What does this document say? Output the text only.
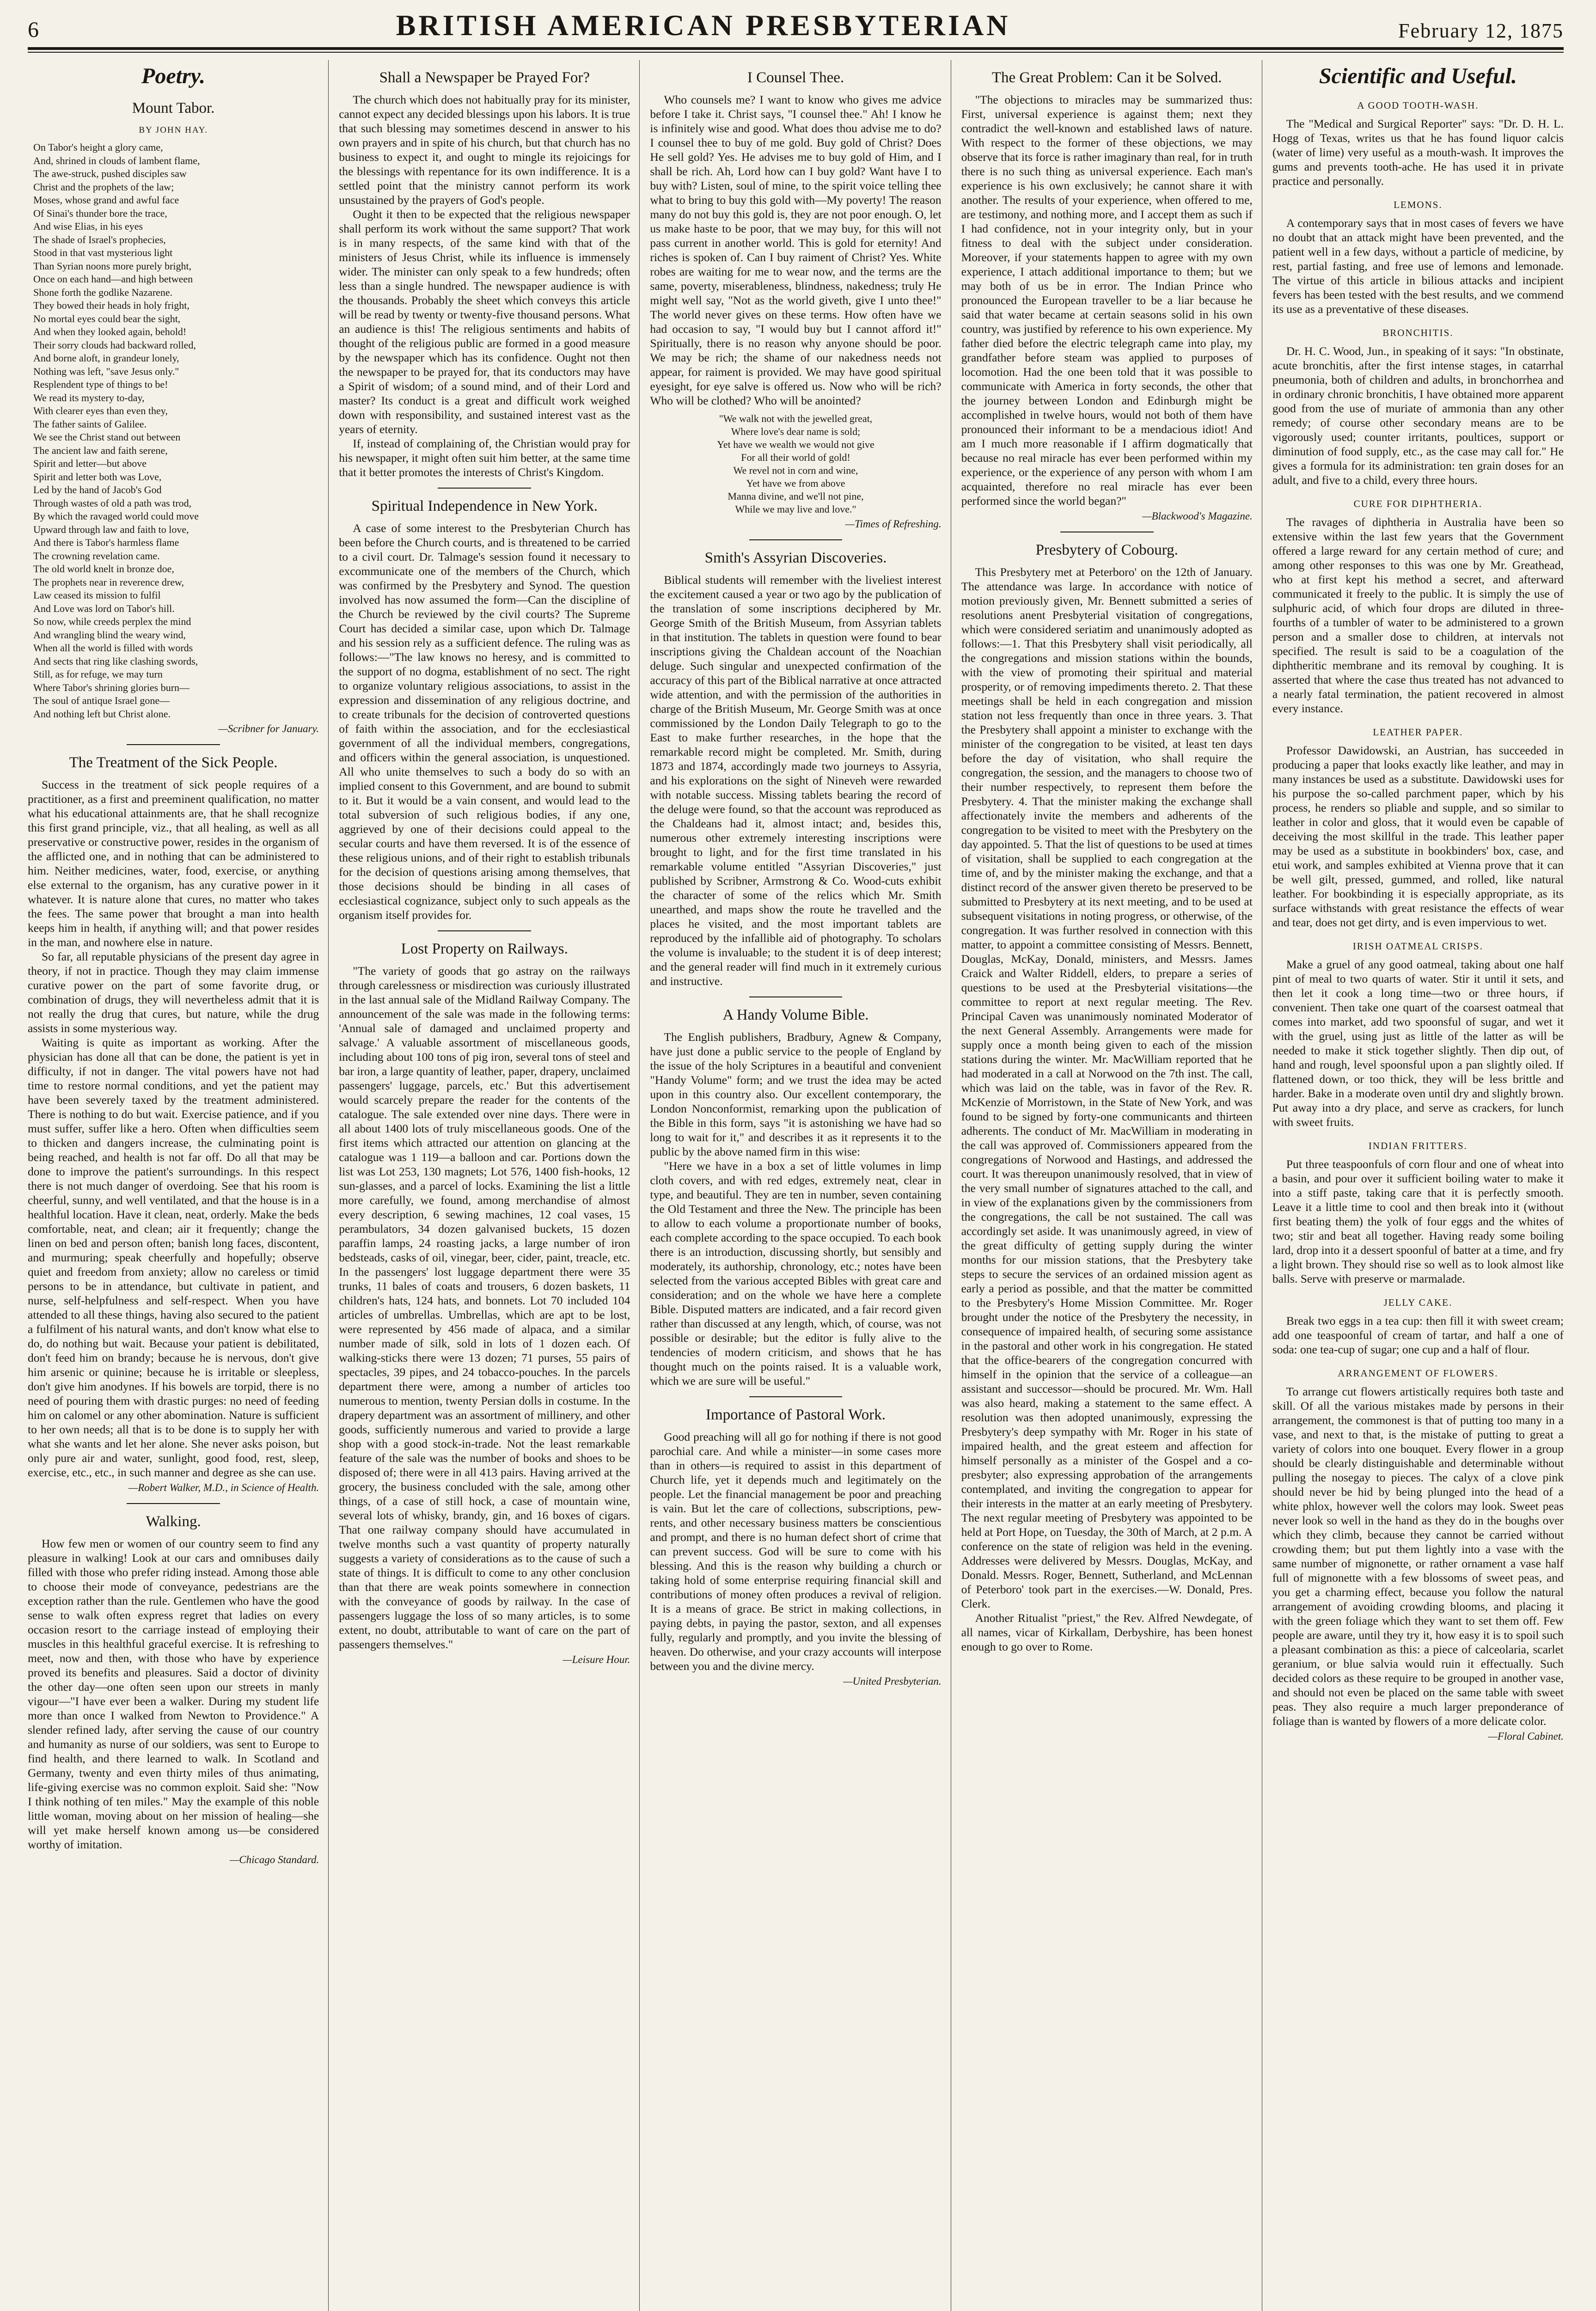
6	BRITISH AMERICAN PRESBYTERIAN	February 12, 1875
Poetry.
Mount Tabor.
BY JOHN HAY.

On Tabor's height a glory came,

And, shrined in clouds of lambent flame,

The awe-struck, pushed disciples saw

Christ and the prophets of the law;

Moses, whose grand and awful face

Of Sinai's thunder bore the trace,

And wise Elias, in his eyes

The shade of Israel's prophecies,

Stood in that vast mysterious light

Than Syrian noons more purely bright,

Once on each hand—and high between

Shone forth the godlike Nazarene.

They bowed their heads in holy fright,

No mortal eyes could bear the sight,

And when they looked again, behold!

Their sorry clouds had backward rolled,

And borne aloft, in grandeur lonely,

Nothing was left, "save Jesus only."

Resplendent type of things to be!

We read its mystery to-day,

With clearer eyes than even they,

The father saints of Galilee.

We see the Christ stand out between

The ancient law and faith serene,

Spirit and letter—but above

Spirit and letter both was Love,

Led by the hand of Jacob's God

Through wastes of old a path was trod,

By which the ravaged world could move

Upward through law and faith to love,

And there is Tabor's harmless flame

The crowning revelation came.

The old world knelt in bronze doe,

The prophets near in reverence drew,

Law ceased its mission to fulfil

And Love was lord on Tabor's hill.

So now, while creeds perplex the mind

And wrangling blind the weary wind,

When all the world is filled with words

And sects that ring like clashing swords,

Still, as for refuge, we may turn

Where Tabor's shrining glories burn—

The soul of antique Israel gone—

And nothing left but Christ alone.

—Scribner for January.
The Treatment of the Sick People.

Success in the treatment of sick people requires of a practitioner, as a first and preeminent qualification, no matter what his educational attainments are, that he shall recognize this first grand principle, viz., that all healing, as well as all preservative or constructive power, resides in the organism of the afflicted one, and in nothing that can be administered to him. Neither medicines, water, food, exercise, or anything else external to the organism, has any curative power in it whatever. It is nature alone that cures, no matter who takes the fees. The same power that brought a man into health keeps him in health, if anything will; and that power resides in the man, and nowhere else in nature.

So far, all reputable physicians of the present day agree in theory, if not in practice. Though they may claim immense curative power on the part of some favorite drug, or combination of drugs, they will nevertheless admit that it is not really the drug that cures, but nature, while the drug assists in some mysterious way.

Waiting is quite as important as working. After the physician has done all that can be done, the patient is yet in difficulty, if not in danger. The vital powers have not had time to restore normal conditions, and yet the patient may have been severely taxed by the treatment administered. There is nothing to do but wait. Exercise patience, and if you must suffer, suffer like a hero. Often when difficulties seem to thicken and dangers increase, the culminating point is being reached, and health is not far off. Do all that may be done to improve the patient's surroundings. In this respect there is not much danger of overdoing. See that his room is cheerful, sunny, and well ventilated, and that the house is in a healthful location. Have it clean, neat, orderly. Make the beds comfortable, neat, and clean; air it frequently; change the linen on bed and person often; banish long faces, discontent, and murmuring; speak cheerfully and hopefully; observe quiet and freedom from anxiety; allow no careless or timid persons to be in attendance, but cultivate in patient, and nurse, self-helpfulness and self-respect. When you have attended to all these things, having also secured to the patient a fulfilment of his natural wants, and don't know what else to do, do nothing but wait. Because your patient is debilitated, don't feed him on brandy; because he is nervous, don't give him arsenic or quinine; because he is irritable or sleepless, don't give him anodynes. If his bowels are torpid, there is no need of pouring them with drastic purges: no need of feeding him on calomel or any other abomination. Nature is sufficient to her own needs; all that is to be done is to supply her with what she wants and let her alone. She never asks poison, but only pure air and water, sunlight, good food, rest, sleep, exercise, etc., etc., in such manner and degree as she can use.

—Robert Walker, M.D., in Science of Health.
Walking.

How few men or women of our country seem to find any pleasure in walking! Look at our cars and omnibuses daily filled with those who prefer riding instead. Among those able to choose their mode of conveyance, pedestrians are the exception rather than the rule. Gentlemen who have the good sense to walk often express regret that ladies on every occasion resort to the carriage instead of employing their muscles in this healthful graceful exercise. It is refreshing to meet, now and then, with those who have by experience proved its benefits and pleasures. Said a doctor of divinity the other day—one often seen upon our streets in manly vigour—"I have ever been a walker. During my student life more than once I walked from Newton to Providence." A slender refined lady, after serving the cause of our country and humanity as nurse of our soldiers, was sent to Europe to find health, and there learned to walk. In Scotland and Germany, twenty and even thirty miles of thus animating, life-giving exercise was no common exploit. Said she: "Now I think nothing of ten miles." May the example of this noble little woman, moving about on her mission of healing—she will yet make herself known among us—be considered worthy of imitation.

—Chicago Standard.
Shall a Newspaper be Prayed For?

The church which does not habitually pray for its minister, cannot expect any decided blessings upon his labors. It is true that such blessing may sometimes descend in answer to his own prayers and in spite of his church, but that church has no business to expect it, and ought to mingle its rejoicings for the blessings with repentance for its own indifference. It is a settled point that the ministry cannot perform its work unsustained by the prayers of God's people.

Ought it then to be expected that the religious newspaper shall perform its work without the same support? That work is in many respects, of the same kind with that of the ministers of Jesus Christ, while its influence is immensely wider. The minister can only speak to a few hundreds; often less than a single hundred. The newspaper audience is with the thousands. Probably the sheet which conveys this article will be read by twenty or twenty-five thousand persons. What an audience is this! The religious sentiments and habits of thought of the religious public are formed in a good measure by the newspaper which has its confidence. Ought not then the newspaper to be prayed for, that its conductors may have a Spirit of wisdom; of a sound mind, and of their Lord and master? Its conduct is a great and difficult work weighed down with responsibility, and sustained interest vast as the years of eternity.

If, instead of complaining of, the Christian would pray for his newspaper, it might often suit him better, at the same time that it better promotes the interests of Christ's Kingdom.

Spiritual Independence in New York.

A case of some interest to the Presbyterian Church has been before the Church courts, and is threatened to be carried to a civil court. Dr. Talmage's session found it necessary to excommunicate one of the members of the Church, which was confirmed by the Presbytery and Synod. The question involved has now assumed the form—Can the discipline of the Church be reviewed by the civil courts? The Supreme Court has decided a similar case, upon which Dr. Talmage and his session rely as a sufficient defence. The ruling was as follows:—"The law knows no heresy, and is committed to the support of no dogma, establishment of no sect. The right to organize voluntary religious associations, to assist in the expression and dissemination of any religious doctrine, and to create tribunals for the decision of controverted questions of faith within the association, and for the ecclesiastical government of all the individual members, congregations, and officers within the general association, is unquestioned. All who unite themselves to such a body do so with an implied consent to this Government, and are bound to submit to it. But it would be a vain consent, and would lead to the total subversion of such religious bodies, if any one, aggrieved by one of their decisions could appeal to the secular courts and have them reversed. It is of the essence of these religious unions, and of their right to establish tribunals for the decision of questions arising among themselves, that those decisions should be binding in all cases of ecclesiastical cognizance, subject only to such appeals as the organism itself provides for.

Lost Property on Railways.

"The variety of goods that go astray on the railways through carelessness or misdirection was curiously illustrated in the last annual sale of the Midland Railway Company. The announcement of the sale was made in the following terms: 'Annual sale of damaged and unclaimed property and salvage.' A valuable assortment of miscellaneous goods, including about 100 tons of pig iron, several tons of steel and bar iron, a large quantity of leather, paper, drapery, unclaimed passengers' luggage, parcels, etc.' But this advertisement would scarcely prepare the reader for the contents of the catalogue. The sale extended over nine days. There were in all about 1400 lots of truly miscellaneous goods. One of the first items which attracted our attention on glancing at the catalogue was 1 119—a balloon and car. Portions down the list was Lot 253, 130 magnets; Lot 576, 1400 fish-hooks, 12 sun-glasses, and a parcel of locks. Examining the list a little more carefully, we found, among merchandise of almost every description, 6 sewing machines, 12 coal vases, 15 perambulators, 34 dozen galvanised buckets, 15 dozen paraffin lamps, 24 roasting jacks, a large number of iron bedsteads, casks of oil, vinegar, beer, cider, paint, treacle, etc. In the passengers' lost luggage department there were 35 trunks, 11 bales of coats and trousers, 6 dozen baskets, 11 children's hats, 124 hats, and bonnets. Lot 70 included 104 articles of umbrellas. Umbrellas, which are apt to be lost, were represented by 456 made of alpaca, and a similar number made of silk, sold in lots of 1 dozen each. Of walking-sticks there were 13 dozen; 71 purses, 55 pairs of spectacles, 39 pipes, and 24 tobacco-pouches. In the parcels department there were, among a number of articles too numerous to mention, twenty Persian dolls in costume. In the drapery department was an assortment of millinery, and other goods, sufficiently numerous and varied to provide a large shop with a good stock-in-trade. Not the least remarkable feature of the sale was the number of books and shoes to be disposed of; there were in all 413 pairs. Having arrived at the grocery, the business concluded with the sale, among other things, of a case of still hock, a case of mountain wine, several lots of whisky, brandy, gin, and 16 boxes of cigars. That one railway company should have accumulated in twelve months such a vast quantity of property naturally suggests a variety of considerations as to the cause of such a state of things. It is difficult to come to any other conclusion than that there are weak points somewhere in connection with the conveyance of goods by railway. In the case of passengers luggage the loss of so many articles, is to some extent, no doubt, attributable to want of care on the part of passengers themselves."

—Leisure Hour.
I Counsel Thee.

Who counsels me? I want to know who gives me advice before I take it. Christ says, "I counsel thee." Ah! I know he is infinitely wise and good. What does thou advise me to do? I counsel thee to buy of me gold. Buy gold of Christ? Does He sell gold? Yes. He advises me to buy gold of Him, and I shall be rich. Ah, Lord how can I buy gold? Want have I to buy with? Listen, soul of mine, to the spirit voice telling thee what to bring to buy this gold with—My poverty! The reason many do not buy this gold is, they are not poor enough. O, let us make haste to be poor, that we may buy, for this will not pass current in another world. This is gold for eternity! And riches is spoken of. Can I buy raiment of Christ? Yes. White robes are waiting for me to wear now, and the terms are the same, poverty, miserableness, blindness, nakedness; truly He might well say, "Not as the world giveth, give I unto thee!" The world never gives on these terms. How often have we had occasion to say, "I would buy but I cannot afford it!" Spiritually, there is no reason why anyone should be poor. We may be rich; the shame of our nakedness needs not appear, for raiment is provided. We may have good spiritual eyesight, for eye salve is offered us. Now who will be rich? Who will be clothed? Who will be anointed?

"We walk not with the jewelled great,

Where love's dear name is sold;

Yet have we wealth we would not give

For all their world of gold!

We revel not in corn and wine,

Yet have we from above

Manna divine, and we'll not pine,

While we may live and love."

—Times of Refreshing.
Smith's Assyrian Discoveries.

Biblical students will remember with the liveliest interest the excitement caused a year or two ago by the publication of the translation of some inscriptions deciphered by Mr. George Smith of the British Museum, from Assyrian tablets in that institution. The tablets in question were found to bear inscriptions giving the Chaldean account of the Noachian deluge. Such singular and unexpected confirmation of the accuracy of this part of the Biblical narrative at once attracted wide attention, and with the permission of the authorities in charge of the British Museum, Mr. George Smith was at once commissioned by the London Daily Telegraph to go to the East to make further researches, in the hope that the remarkable record might be completed. Mr. Smith, during 1873 and 1874, accordingly made two journeys to Assyria, and his explorations on the sight of Nineveh were rewarded with notable success. Missing tablets bearing the record of the deluge were found, so that the account was reproduced as the Chaldeans had it, almost intact; and, besides this, numerous other extremely interesting inscriptions were brought to light, and for the first time translated in his remarkable volume entitled "Assyrian Discoveries," just published by Scribner, Armstrong & Co. Wood-cuts exhibit the character of some of the relics which Mr. Smith unearthed, and maps show the route he travelled and the places he visited, and the most important tablets are reproduced by the infallible aid of photography. To scholars the volume is invaluable; to the student it is of deep interest; and the general reader will find much in it extremely curious and instructive.

A Handy Volume Bible.

The English publishers, Bradbury, Agnew & Company, have just done a public service to the people of England by the issue of the holy Scriptures in a beautiful and convenient "Handy Volume" form; and we trust the idea may be acted upon in this country also. Our excellent contemporary, the London Nonconformist, remarking upon the publication of the Bible in this form, says "it is astonishing we have had so long to wait for it," and describes it as it represents it to the public by the above named firm in this wise:

"Here we have in a box a set of little volumes in limp cloth covers, and with red edges, extremely neat, clear in type, and beautiful. They are ten in number, seven containing the Old Testament and three the New. The principle has been to allow to each volume a proportionate number of books, each complete according to the space occupied. To each book there is an introduction, discussing shortly, but sensibly and moderately, its authorship, chronology, etc.; notes have been selected from the various accepted Bibles with great care and consideration; and on the whole we have here a complete Bible. Disputed matters are indicated, and a fair record given rather than discussed at any length, which, of course, was not possible or desirable; but the editor is fully alive to the tendencies of modern criticism, and shows that he has thought much on the points raised. It is a valuable work, which we are sure will be useful."

Importance of Pastoral Work.

Good preaching will all go for nothing if there is not good parochial care. And while a minister—in some cases more than in others—is required to assist in this department of Church life, yet it depends much and legitimately on the people. Let the financial management be poor and preaching is vain. But let the care of collections, subscriptions, pew-rents, and other necessary business matters be conscientious and prompt, and there is no human defect short of crime that can prevent success. God will be sure to come with his blessing. And this is the reason why building a church or taking hold of some enterprise requiring financial skill and contributions of money often produces a revival of religion. It is a means of grace. Be strict in making collections, in paying debts, in paying the pastor, sexton, and all expenses fully, regularly and promptly, and you invite the blessing of heaven. Do otherwise, and your crazy accounts will interpose between you and the divine mercy.

—United Presbyterian.
The Great Problem: Can it be Solved.

"The objections to miracles may be summarized thus: First, universal experience is against them; next they contradict the well-known and established laws of nature. With respect to the former of these objections, we may observe that its force is rather imaginary than real, for in truth there is no such thing as universal experience. Each man's experience is his own exclusively; he cannot share it with another. The results of your experience, when offered to me, are testimony, and nothing more, and I accept them as such if I had confidence, not in your integrity only, but in your fitness to deal with the subject under consideration. Moreover, if your statements happen to agree with my own experience, I attach additional importance to them; but we may both of us be in error. The Indian Prince who pronounced the European traveller to be a liar because he said that water became at certain seasons solid in his own country, was justified by reference to his own experience. My father died before the electric telegraph came into play, my grandfather before steam was applied to purposes of locomotion. Had the one been told that it was possible to communicate with America in forty seconds, the other that the journey between London and Edinburgh might be accomplished in twelve hours, would not both of them have pronounced their informant to be a mendacious idiot! And am I much more reasonable if I affirm dogmatically that because no real miracle has ever been performed within my experience, or the experience of any person with whom I am acquainted, therefore no real miracle has ever been performed since the world began?"

—Blackwood's Magazine.
Presbytery of Cobourg.

This Presbytery met at Peterboro' on the 12th of January. The attendance was large. In accordance with notice of motion previously given, Mr. Bennett submitted a series of resolutions anent Presbyterial visitation of congregations, which were considered seriatim and unanimously adopted as follows:—1. That this Presbytery shall visit periodically, all the congregations and mission stations within the bounds, with the view of promoting their spiritual and material prosperity, or of removing impediments thereto. 2. That these meetings shall be held in each congregation and mission station not less frequently than once in three years. 3. That the Presbytery shall appoint a minister to exchange with the minister of the congregation to be visited, at least ten days before the day of visitation, who shall require the congregation, the session, and the managers to choose two of their number respectively, to represent them before the Presbytery. 4. That the minister making the exchange shall affectionately invite the members and adherents of the congregation to be visited to meet with the Presbytery on the day appointed. 5. That the list of questions to be used at times of visitation, shall be supplied to each congregation at the time of, and by the minister making the exchange, and that a distinct record of the answer given thereto be preserved to be submitted to Presbytery at its next meeting, and to be used at subsequent visitations in noting progress, or otherwise, of the congregation. It was further resolved in connection with this matter, to appoint a committee consisting of Messrs. Bennett, Douglas, McKay, Donald, ministers, and Messrs. James Craick and Walter Riddell, elders, to prepare a series of questions to be used at the Presbyterial visitations—the committee to report at next regular meeting. The Rev. Principal Caven was unanimously nominated Moderator of the next General Assembly. Arrangements were made for supply once a month being given to each of the mission stations during the winter. Mr. MacWilliam reported that he had moderated in a call at Norwood on the 7th inst. The call, which was laid on the table, was in favor of the Rev. R. McKenzie of Morristown, in the State of New York, and was found to be signed by forty-one communicants and thirteen adherents. The conduct of Mr. MacWilliam in moderating in the call was approved of. Commissioners appeared from the congregations of Norwood and Hastings, and addressed the court. It was thereupon unanimously resolved, that in view of the very small number of signatures attached to the call, and in view of the explanations given by the commissioners from the congregations, the call be not sustained. The call was accordingly set aside. It was unanimously agreed, in view of the great difficulty of getting supply during the winter months for our mission stations, that the Presbytery take steps to secure the services of an ordained mission agent as early a period as possible, and that the matter be committed to the Presbytery's Home Mission Committee. Mr. Roger brought under the notice of the Presbytery the necessity, in consequence of impaired health, of securing some assistance in the pastoral and other work in his congregation. He stated that the office-bearers of the congregation concurred with himself in the opinion that the service of a colleague—an assistant and successor—should be procured. Mr. Wm. Hall was also heard, making a statement to the same effect. A resolution was then adopted unanimously, expressing the Presbytery's deep sympathy with Mr. Roger in his state of impaired health, and the great esteem and affection for himself personally as a minister of the Gospel and a co-presbyter; also expressing approbation of the arrangements contemplated, and inviting the congregation to appear for their interests in the matter at an early meeting of Presbytery. The next regular meeting of Presbytery was appointed to be held at Port Hope, on Tuesday, the 30th of March, at 2 p.m. A conference on the state of religion was held in the evening. Addresses were delivered by Messrs. Douglas, McKay, and Donald. Messrs. Roger, Bennett, Sutherland, and McLennan of Peterboro' took part in the exercises.—W. Donald, Pres. Clerk.

Another Ritualist "priest," the Rev. Alfred Newdegate, of all names, vicar of Kirkallam, Derbyshire, has been honest enough to go over to Rome.

Scientific and Useful.
A GOOD TOOTH-WASH.

The "Medical and Surgical Reporter" says: "Dr. D. H. L. Hogg of Texas, writes us that he has found liquor calcis (water of lime) very useful as a mouth-wash. It improves the gums and prevents tooth-ache. He has used it in private practice and personally.

LEMONS.

A contemporary says that in most cases of fevers we have no doubt that an attack might have been prevented, and the patient well in a few days, without a particle of medicine, by rest, partial fasting, and free use of lemons and lemonade. The virtue of this article in bilious attacks and incipient fevers has been tested with the best results, and we commend its use as a preventative of these diseases.

BRONCHITIS.

Dr. H. C. Wood, Jun., in speaking of it says: "In obstinate, acute bronchitis, after the first intense stages, in catarrhal pneumonia, both of children and adults, in bronchorrhea and in ordinary chronic bronchitis, I have obtained more apparent good from the use of muriate of ammonia than any other remedy; of course other secondary means are to be vigorously used; counter irritants, poultices, support or diminution of food supply, etc., as the case may call for." He gives a formula for its administration: ten grain doses for an adult, and five to a child, every three hours.

CURE FOR DIPHTHERIA.

The ravages of diphtheria in Australia have been so extensive within the last few years that the Government offered a large reward for any certain method of cure; and among other responses to this was one by Mr. Greathead, who at first kept his method a secret, and afterward communicated it freely to the public. It is simply the use of sulphuric acid, of which four drops are diluted in three-fourths of a tumbler of water to be administered to a grown person and a smaller dose to children, at intervals not specified. The result is said to be a coagulation of the diphtheritic membrane and its removal by coughing. It is asserted that where the case thus treated has not advanced to a nearly fatal termination, the patient recovered in almost every instance.

LEATHER PAPER.

Professor Dawidowski, an Austrian, has succeeded in producing a paper that looks exactly like leather, and may in many instances be used as a substitute. Dawidowski uses for his purpose the so-called parchment paper, which by his process, he renders so pliable and supple, and so similar to leather in color and gloss, that it would even be capable of deceiving the most skillful in the trade. This leather paper may be used as a substitute in bookbinders' box, case, and etui work, and samples exhibited at Vienna prove that it can be well gilt, pressed, gummed, and rolled, like natural leather. For bookbinding it is especially appropriate, as its surface withstands with great resistance the effects of wear and tear, does not get dirty, and is even impervious to wet.

IRISH OATMEAL CRISPS.

Make a gruel of any good oatmeal, taking about one half pint of meal to two quarts of water. Stir it until it sets, and then let it cook a long time—two or three hours, if convenient. Then take one quart of the coarsest oatmeal that comes into market, add two spoonsful of sugar, and wet it with the gruel, using just as little of the latter as will be needed to make it stick together slightly. Then dip out, of hand and rough, level spoonsful upon a pan slightly oiled. If flattened down, or too thick, they will be less brittle and harder. Bake in a moderate oven until dry and slightly brown. Put away into a dry place, and serve as crackers, for lunch with sweet fruits.

INDIAN FRITTERS.

Put three teaspoonfuls of corn flour and one of wheat into a basin, and pour over it sufficient boiling water to make it into a stiff paste, taking care that it is perfectly smooth. Leave it a little time to cool and then break into it (without first beating them) the yolk of four eggs and the whites of two; stir and beat all together. Having ready some boiling lard, drop into it a dessert spoonful of batter at a time, and fry a light brown. They should rise so well as to look almost like balls. Serve with preserve or marmalade.

JELLY CAKE.

Break two eggs in a tea cup: then fill it with sweet cream; add one teaspoonful of cream of tartar, and half a one of soda: one tea-cup of sugar; one cup and a half of flour.

ARRANGEMENT OF FLOWERS.

To arrange cut flowers artistically requires both taste and skill. Of all the various mistakes made by persons in their arrangement, the commonest is that of putting too many in a vase, and next to that, is the mistake of putting to great a variety of colors into one bouquet. Every flower in a group should be clearly distinguishable and determinable without pulling the nosegay to pieces. The calyx of a clove pink should never be hid by being plunged into the head of a white phlox, however well the colors may look. Sweet peas never look so well in the hand as they do in the boughs over which they climb, because they cannot be carried without crowding them; but put them lightly into a vase with the same number of mignonette, or rather ornament a vase half full of mignonette with a few blossoms of sweet peas, and you get a charming effect, because you follow the natural arrangement of avoiding crowding blooms, and placing it with the green foliage which they want to set them off. Few people are aware, until they try it, how easy it is to spoil such a pleasant combination as this: a piece of calceolaria, scarlet geranium, or blue salvia would ruin it effectually. Such decided colors as these require to be grouped in another vase, and should not even be placed on the same table with sweet peas. They also require a much larger preponderance of foliage than is wanted by flowers of a more delicate color.

—Floral Cabinet.
